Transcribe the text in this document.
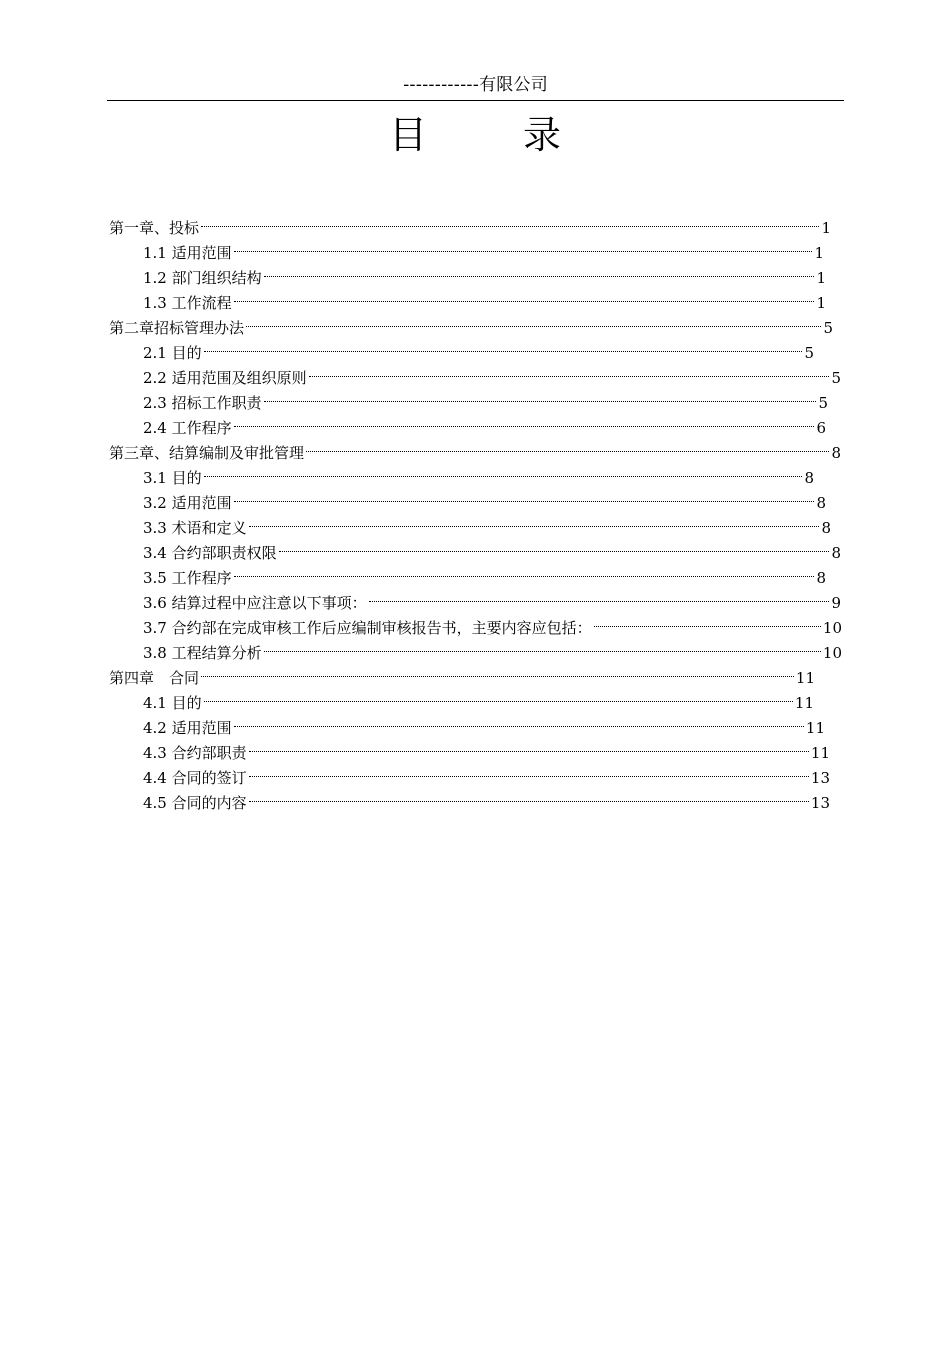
------------有限公司
目	录
第一章、投标	1
1.1 适用范围	1
1.2 部门组织结构	1
1.3 工作流程	1
第二章招标管理办法	5
2.1 目的	5
2.2 适用范围及组织原则	5
2.3 招标工作职责	5
2.4 工作程序	6
第三章、结算编制及审批管理	8
3.1 目的	8
3.2 适用范围	8
3.3 术语和定义	8
3.4 合约部职责权限	8
3.5 工作程序	8
3.6 结算过程中应注意以下事项：	9
3.7 合约部在完成审核工作后应编制审核报告书，主要内容应包括：	10
3.8 工程结算分析	10
第四章　合同	11
4.1 目的	11
4.2 适用范围	11
4.3 合约部职责	11
4.4 合同的签订	13
4.5 合同的内容	13
